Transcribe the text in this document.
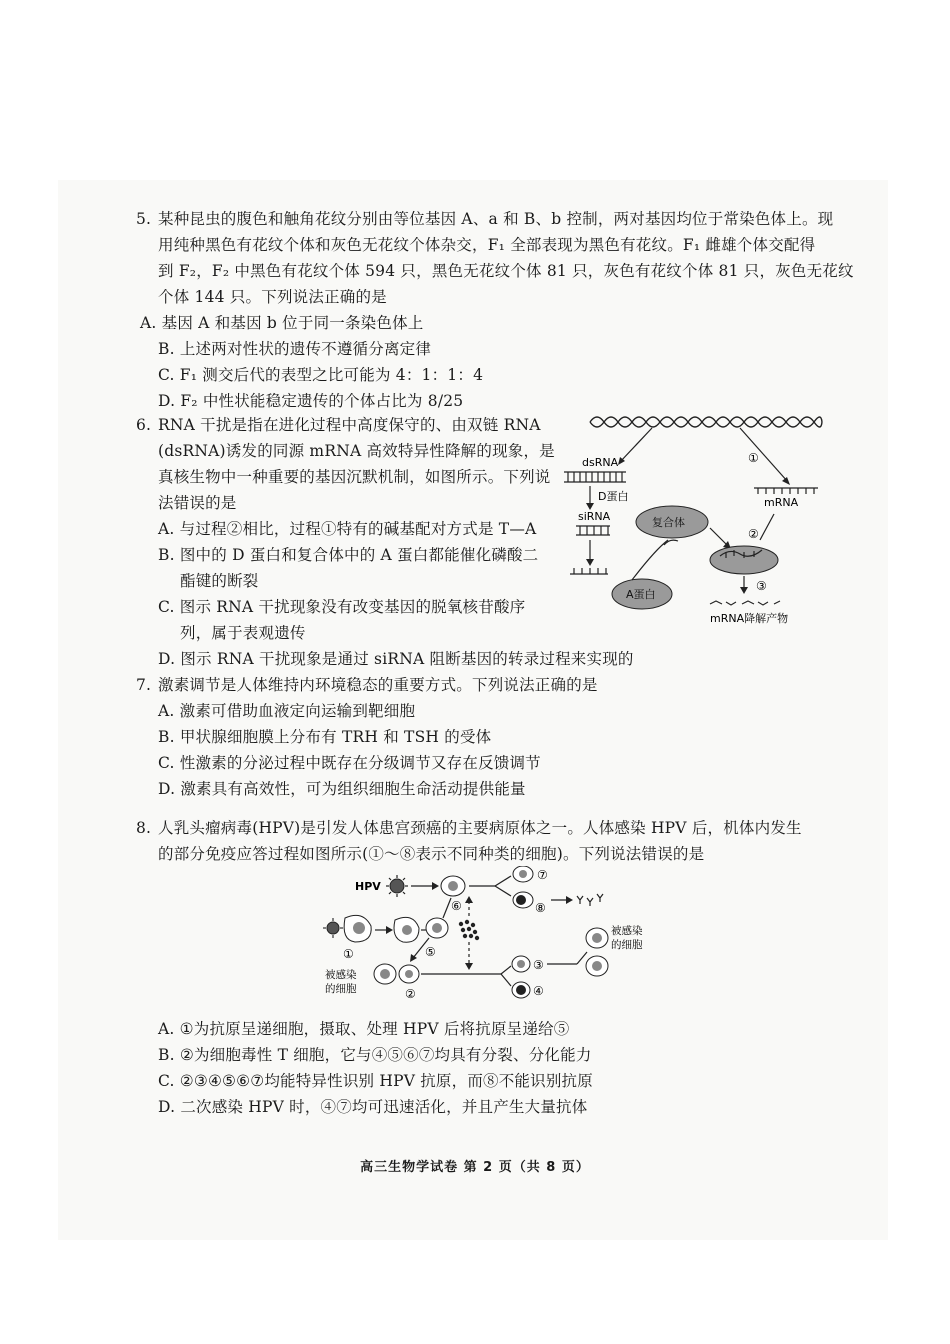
5. 某种昆虫的腹色和触角花纹分别由等位基因 A、a 和 B、b 控制，两对基因均位于常染色体上。现
用纯种黑色有花纹个体和灰色无花纹个体杂交，F₁ 全部表现为黑色有花纹。F₁ 雌雄个体交配得
到 F₂，F₂ 中黑色有花纹个体 594 只，黑色无花纹个体 81 只，灰色有花纹个体 81 只，灰色无花纹
个体 144 只。下列说法正确的是
A. 基因 A 和基因 b 位于同一条染色体上
B. 上述两对性状的遗传不遵循分离定律
C. F₁ 测交后代的表型之比可能为 4：1：1：4
D. F₂ 中性状能稳定遗传的个体占比为 8/25
6. RNA 干扰是指在进化过程中高度保守的、由双链 RNA
(dsRNA)诱发的同源 mRNA 高效特异性降解的现象，是
真核生物中一种重要的基因沉默机制，如图所示。下列说
法错误的是
A. 与过程②相比，过程①特有的碱基配对方式是 T—A
B. 图中的 D 蛋白和复合体中的 A 蛋白都能催化磷酸二
酯键的断裂
C. 图示 RNA 干扰现象没有改变基因的脱氧核苷酸序
列，属于表观遗传
D. 图示 RNA 干扰现象是通过 siRNA 阻断基因的转录过程来实现的
①
dsRNA
D蛋白
siRNA	复合体
A蛋白
mRNA
②
③
mRNA降解产物
7. 激素调节是人体维持内环境稳态的重要方式。下列说法正确的是
A. 激素可借助血液定向运输到靶细胞
B. 甲状腺细胞膜上分布有 TRH 和 TSH 的受体
C. 性激素的分泌过程中既存在分级调节又存在反馈调节
D. 激素具有高效性，可为组织细胞生命活动提供能量
8. 人乳头瘤病毒(HPV)是引发人体患宫颈癌的主要病原体之一。人体感染 HPV 后，机体内发生
的部分免疫应答过程如图所示(①～⑧表示不同种类的细胞)。下列说法错误的是
HPV
⑥
⑦
⑧
①	⑤
被感染
的细胞	②
③
④
被感染
的细胞
A. ①为抗原呈递细胞，摄取、处理 HPV 后将抗原呈递给⑤
B. ②为细胞毒性 T 细胞，它与④⑤⑥⑦均具有分裂、分化能力
C. ②③④⑤⑥⑦均能特异性识别 HPV 抗原，而⑧不能识别抗原
D. 二次感染 HPV 时，④⑦均可迅速活化，并且产生大量抗体
高三生物学试卷 第 2 页（共 8 页）
